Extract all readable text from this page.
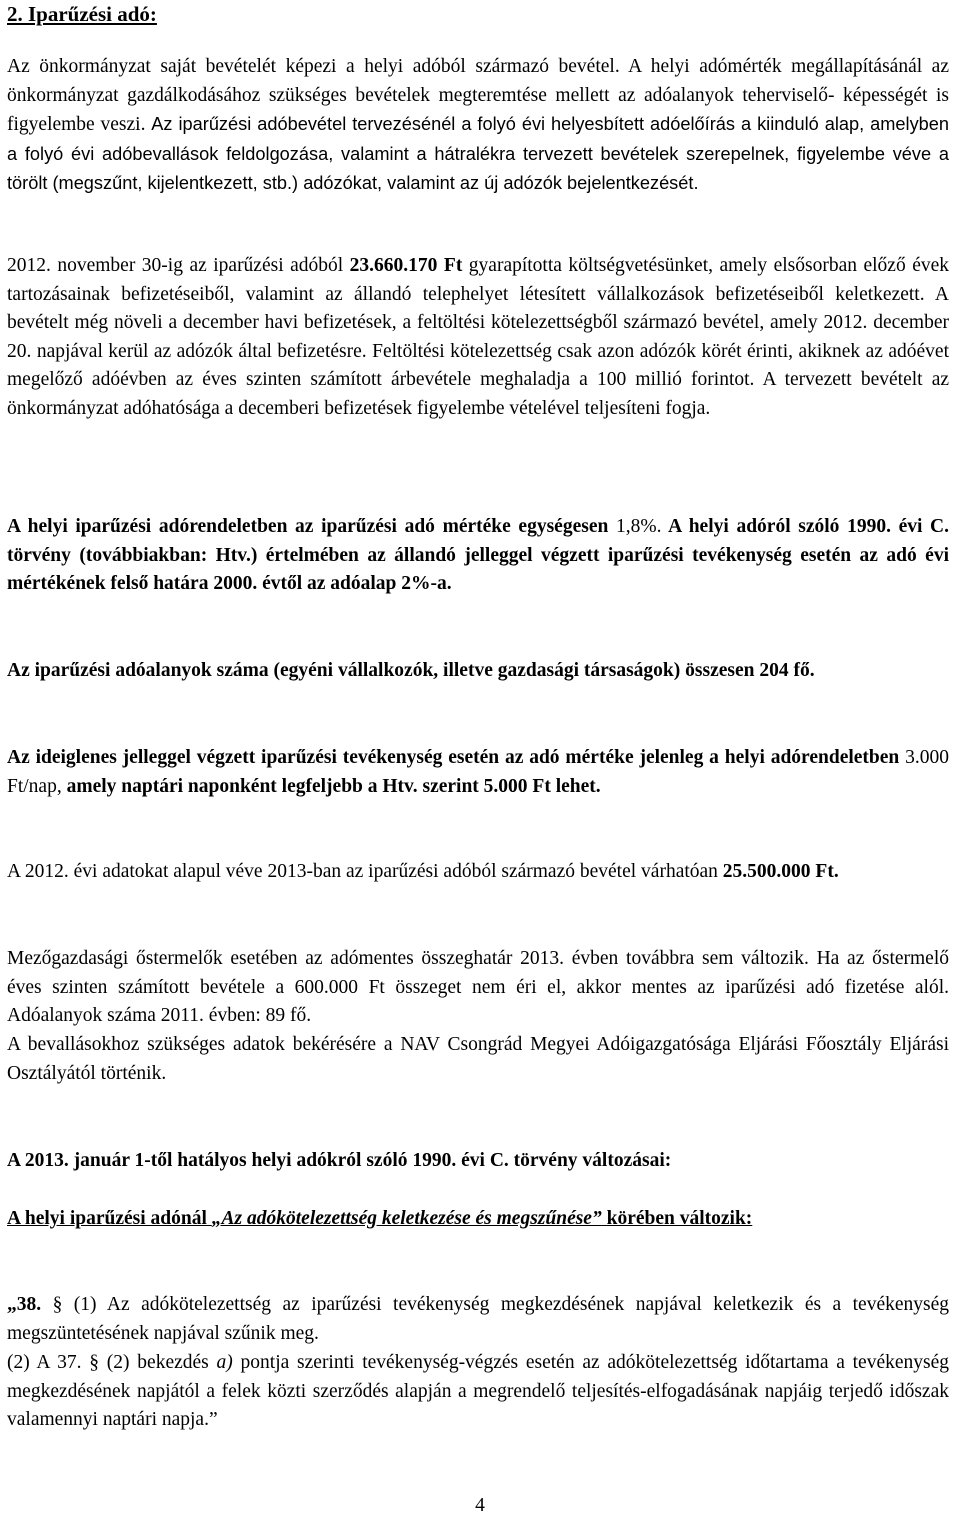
2. Iparűzési adó:

Az önkormányzat saját bevételét képezi a helyi adóból származó bevétel. A helyi adómérték megállapításánál az önkormányzat gazdálkodásához szükséges bevételek megteremtése mellett az adóalanyok teherviselő- képességét is figyelembe veszi. Az iparűzési adóbevétel tervezésénél a folyó évi helyesbített adóelőírás a kiinduló alap, amelyben a folyó évi adóbevallások feldolgozása, valamint a hátralékra tervezett bevételek szerepelnek, figyelembe véve a törölt (megszűnt, kijelentkezett, stb.) adózókat, valamint az új adózók bejelentkezését.

2012. november 30-ig az iparűzési adóból 23.660.170 Ft gyarapította költségvetésünket, amely elsősorban előző évek tartozásainak befizetéseiből, valamint az állandó telephelyet létesített vállalkozások befizetéseiből keletkezett. A bevételt még növeli a december havi befizetések, a feltöltési kötelezettségből származó bevétel, amely 2012. december 20. napjával kerül az adózók által befizetésre. Feltöltési kötelezettség csak azon adózók körét érinti, akiknek az adóévet megelőző adóévben az éves szinten számított árbevétele meghaladja a 100 millió forintot. A tervezett bevételt az önkormányzat adóhatósága a decemberi befizetések figyelembe vételével teljesíteni fogja.

A helyi iparűzési adórendeletben az iparűzési adó mértéke egységesen 1,8%. A helyi adóról szóló 1990. évi C. törvény (továbbiakban: Htv.) értelmében az állandó jelleggel végzett iparűzési tevékenység esetén az adó évi mértékének felső határa 2000. évtől az adóalap 2%-a.

Az iparűzési adóalanyok száma (egyéni vállalkozók, illetve gazdasági társaságok) összesen 204 fő.

Az ideiglenes jelleggel végzett iparűzési tevékenység esetén az adó mértéke jelenleg a helyi adórendeletben 3.000 Ft/nap, amely naptári naponként legfeljebb a Htv. szerint 5.000 Ft lehet.

A 2012. évi adatokat alapul véve 2013-ban az iparűzési adóból származó bevétel várhatóan 25.500.000 Ft.

Mezőgazdasági őstermelők esetében az adómentes összeghatár 2013. évben továbbra sem változik. Ha az őstermelő éves szinten számított bevétele a 600.000 Ft összeget nem éri el, akkor mentes az iparűzési adó fizetése alól. Adóalanyok száma 2011. évben: 89 fő.

A bevallásokhoz szükséges adatok bekérésére a NAV Csongrád Megyei Adóigazgatósága Eljárási Főosztály Eljárási Osztályától történik.

A 2013. január 1-től hatályos helyi adókról szóló 1990. évi C. törvény változásai:

A helyi iparűzési adónál „Az adókötelezettség keletkezése és megszűnése” körében változik:

„38. § (1) Az adókötelezettség az iparűzési tevékenység megkezdésének napjával keletkezik és a tevékenység megszüntetésének napjával szűnik meg.

(2) A 37. § (2) bekezdés a) pontja szerinti tevékenység-végzés esetén az adókötelezettség időtartama a tevékenység megkezdésének napjától a felek közti szerződés alapján a megrendelő teljesítés-elfogadásának napjáig terjedő időszak valamennyi naptári napja.”

4
